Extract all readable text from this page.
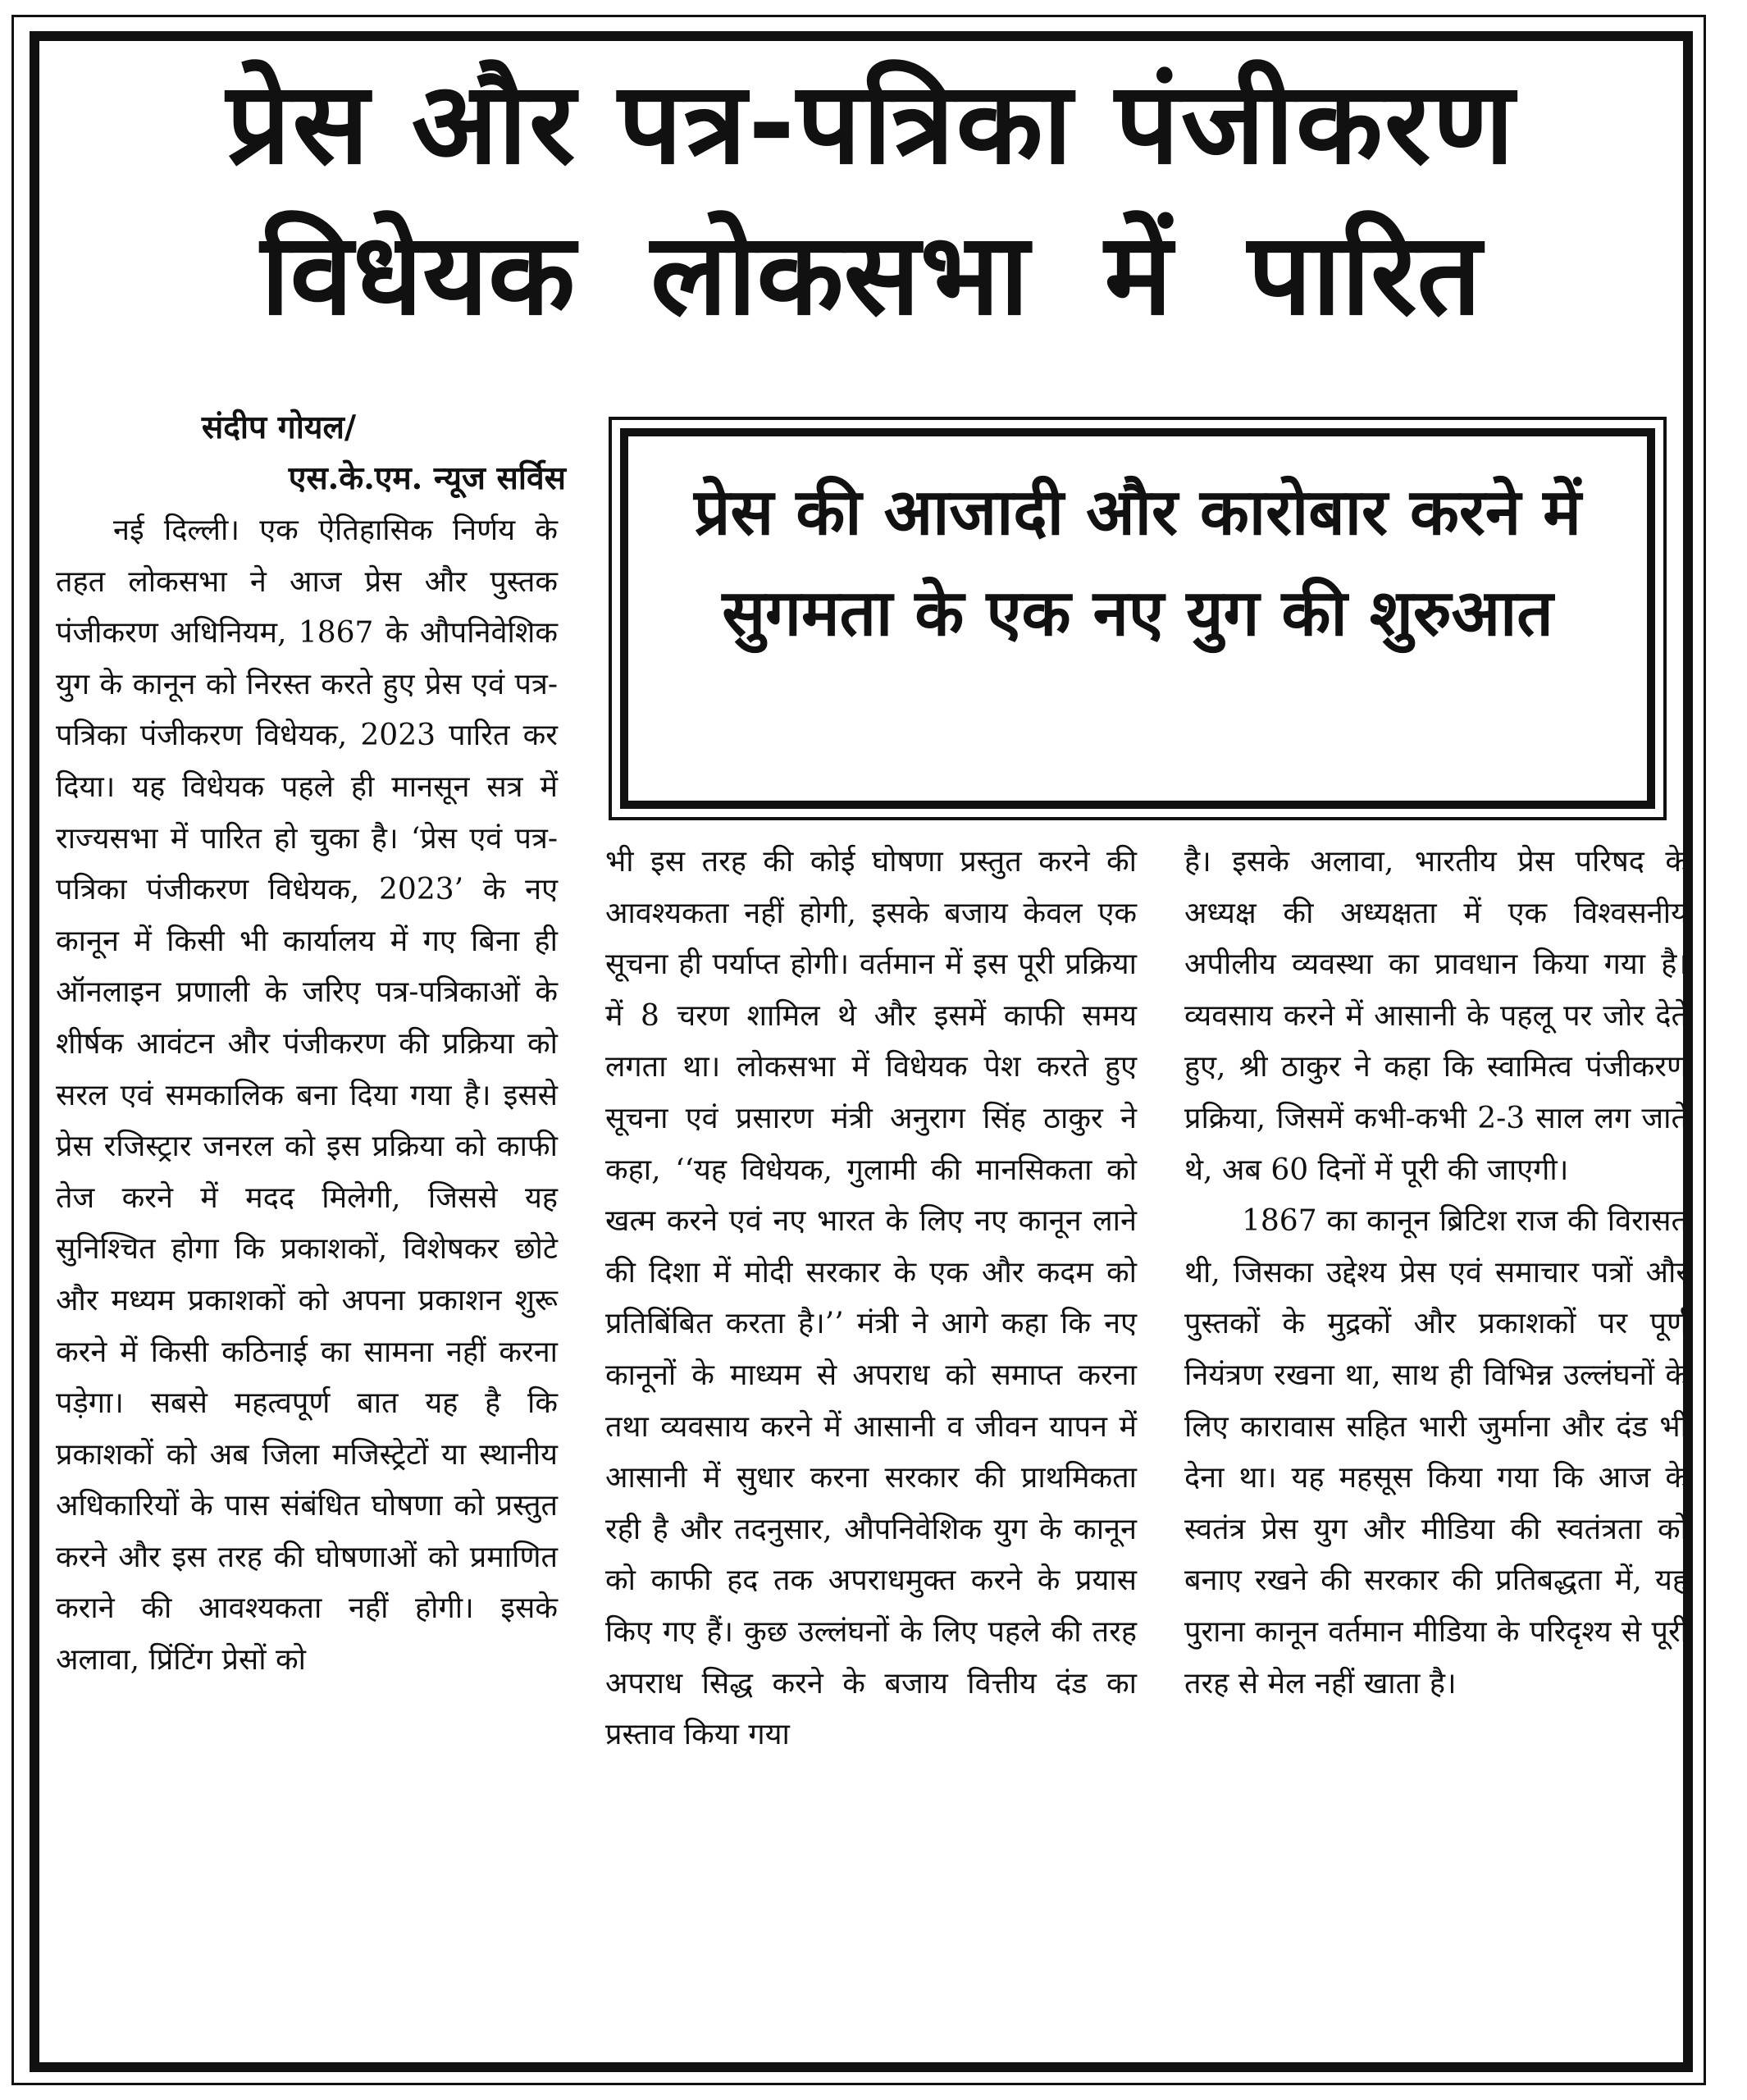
प्रेस और पत्र-पत्रिका पंजीकरण
विधेयक लोकसभा में पारित
संदीप गोयल/
एस.के.एम. न्यूज सर्विस

नई दिल्ली। एक ऐतिहासिक निर्णय के तहत लोकसभा ने आज प्रेस और पुस्तक पंजीकरण अधिनियम, 1867 के औपनिवेशिक युग के कानून को निरस्त करते हुए प्रेस एवं पत्र-पत्रिका पंजीकरण विधेयक, 2023 पारित कर दिया। यह विधेयक पहले ही मानसून सत्र में राज्यसभा में पारित हो चुका है। ‘प्रेस एवं पत्र-पत्रिका पंजीकरण विधेयक, 2023’ के नए कानून में किसी भी कार्यालय में गए बिना ही ऑनलाइन प्रणाली के जरिए पत्र-पत्रिकाओं के शीर्षक आवंटन और पंजीकरण की प्रक्रिया को सरल एवं समकालिक बना दिया गया है। इससे प्रेस रजिस्ट्रार जनरल को इस प्रक्रिया को काफी तेज करने में मदद मिलेगी, जिससे यह सुनिश्चित होगा कि प्रकाशकों, विशेषकर छोटे और मध्यम प्रकाशकों को अपना प्रकाशन शुरू करने में किसी कठिनाई का सामना नहीं करना पड़ेगा। सबसे महत्वपूर्ण बात यह है कि प्रकाशकों को अब जिला मजिस्ट्रेटों या स्थानीय अधिकारियों के पास संबंधित घोषणा को प्रस्तुत करने और इस तरह की घोषणाओं को प्रमाणित कराने की आवश्यकता नहीं होगी। इसके अलावा, प्रिंटिंग प्रेसों को

प्रेस की आजादी और कारोबार करने में सुगमता के एक नए युग की शुरुआत

भी इस तरह की कोई घोषणा प्रस्तुत करने की आवश्यकता नहीं होगी, इसके बजाय केवल एक सूचना ही पर्याप्त होगी। वर्तमान में इस पूरी प्रक्रिया में 8 चरण शामिल थे और इसमें काफी समय लगता था। लोकसभा में विधेयक पेश करते हुए सूचना एवं प्रसारण मंत्री अनुराग सिंह ठाकुर ने कहा, ‘‘यह विधेयक, गुलामी की मानसिकता को खत्म करने एवं नए भारत के लिए नए कानून लाने की दिशा में मोदी सरकार के एक और कदम को प्रतिबिंबित करता है।’’ मंत्री ने आगे कहा कि नए कानूनों के माध्यम से अपराध को समाप्त करना तथा व्यवसाय करने में आसानी व जीवन यापन में आसानी में सुधार करना सरकार की प्राथमिकता रही है और तदनुसार, औपनिवेशिक युग के कानून को काफी हद तक अपराधमुक्त करने के प्रयास किए गए हैं। कुछ उल्लंघनों के लिए पहले की तरह अपराध सिद्ध करने के बजाय वित्तीय दंड का प्रस्ताव किया गया

है। इसके अलावा, भारतीय प्रेस परिषद के अध्यक्ष की अध्यक्षता में एक विश्वसनीय अपीलीय व्यवस्था का प्रावधान किया गया है। व्यवसाय करने में आसानी के पहलू पर जोर देते हुए, श्री ठाकुर ने कहा कि स्वामित्व पंजीकरण प्रक्रिया, जिसमें कभी-कभी 2-3 साल लग जाते थे, अब 60 दिनों में पूरी की जाएगी।

1867 का कानून ब्रिटिश राज की विरासत थी, जिसका उद्देश्य प्रेस एवं समाचार पत्रों और पुस्तकों के मुद्रकों और प्रकाशकों पर पूर्ण नियंत्रण रखना था, साथ ही विभिन्न उल्लंघनों के लिए कारावास सहित भारी जुर्माना और दंड भी देना था। यह महसूस किया गया कि आज के स्वतंत्र प्रेस युग और मीडिया की स्वतंत्रता को बनाए रखने की सरकार की प्रतिबद्धता में, यह पुराना कानून वर्तमान मीडिया के परिदृश्य से पूरी तरह से मेल नहीं खाता है।
